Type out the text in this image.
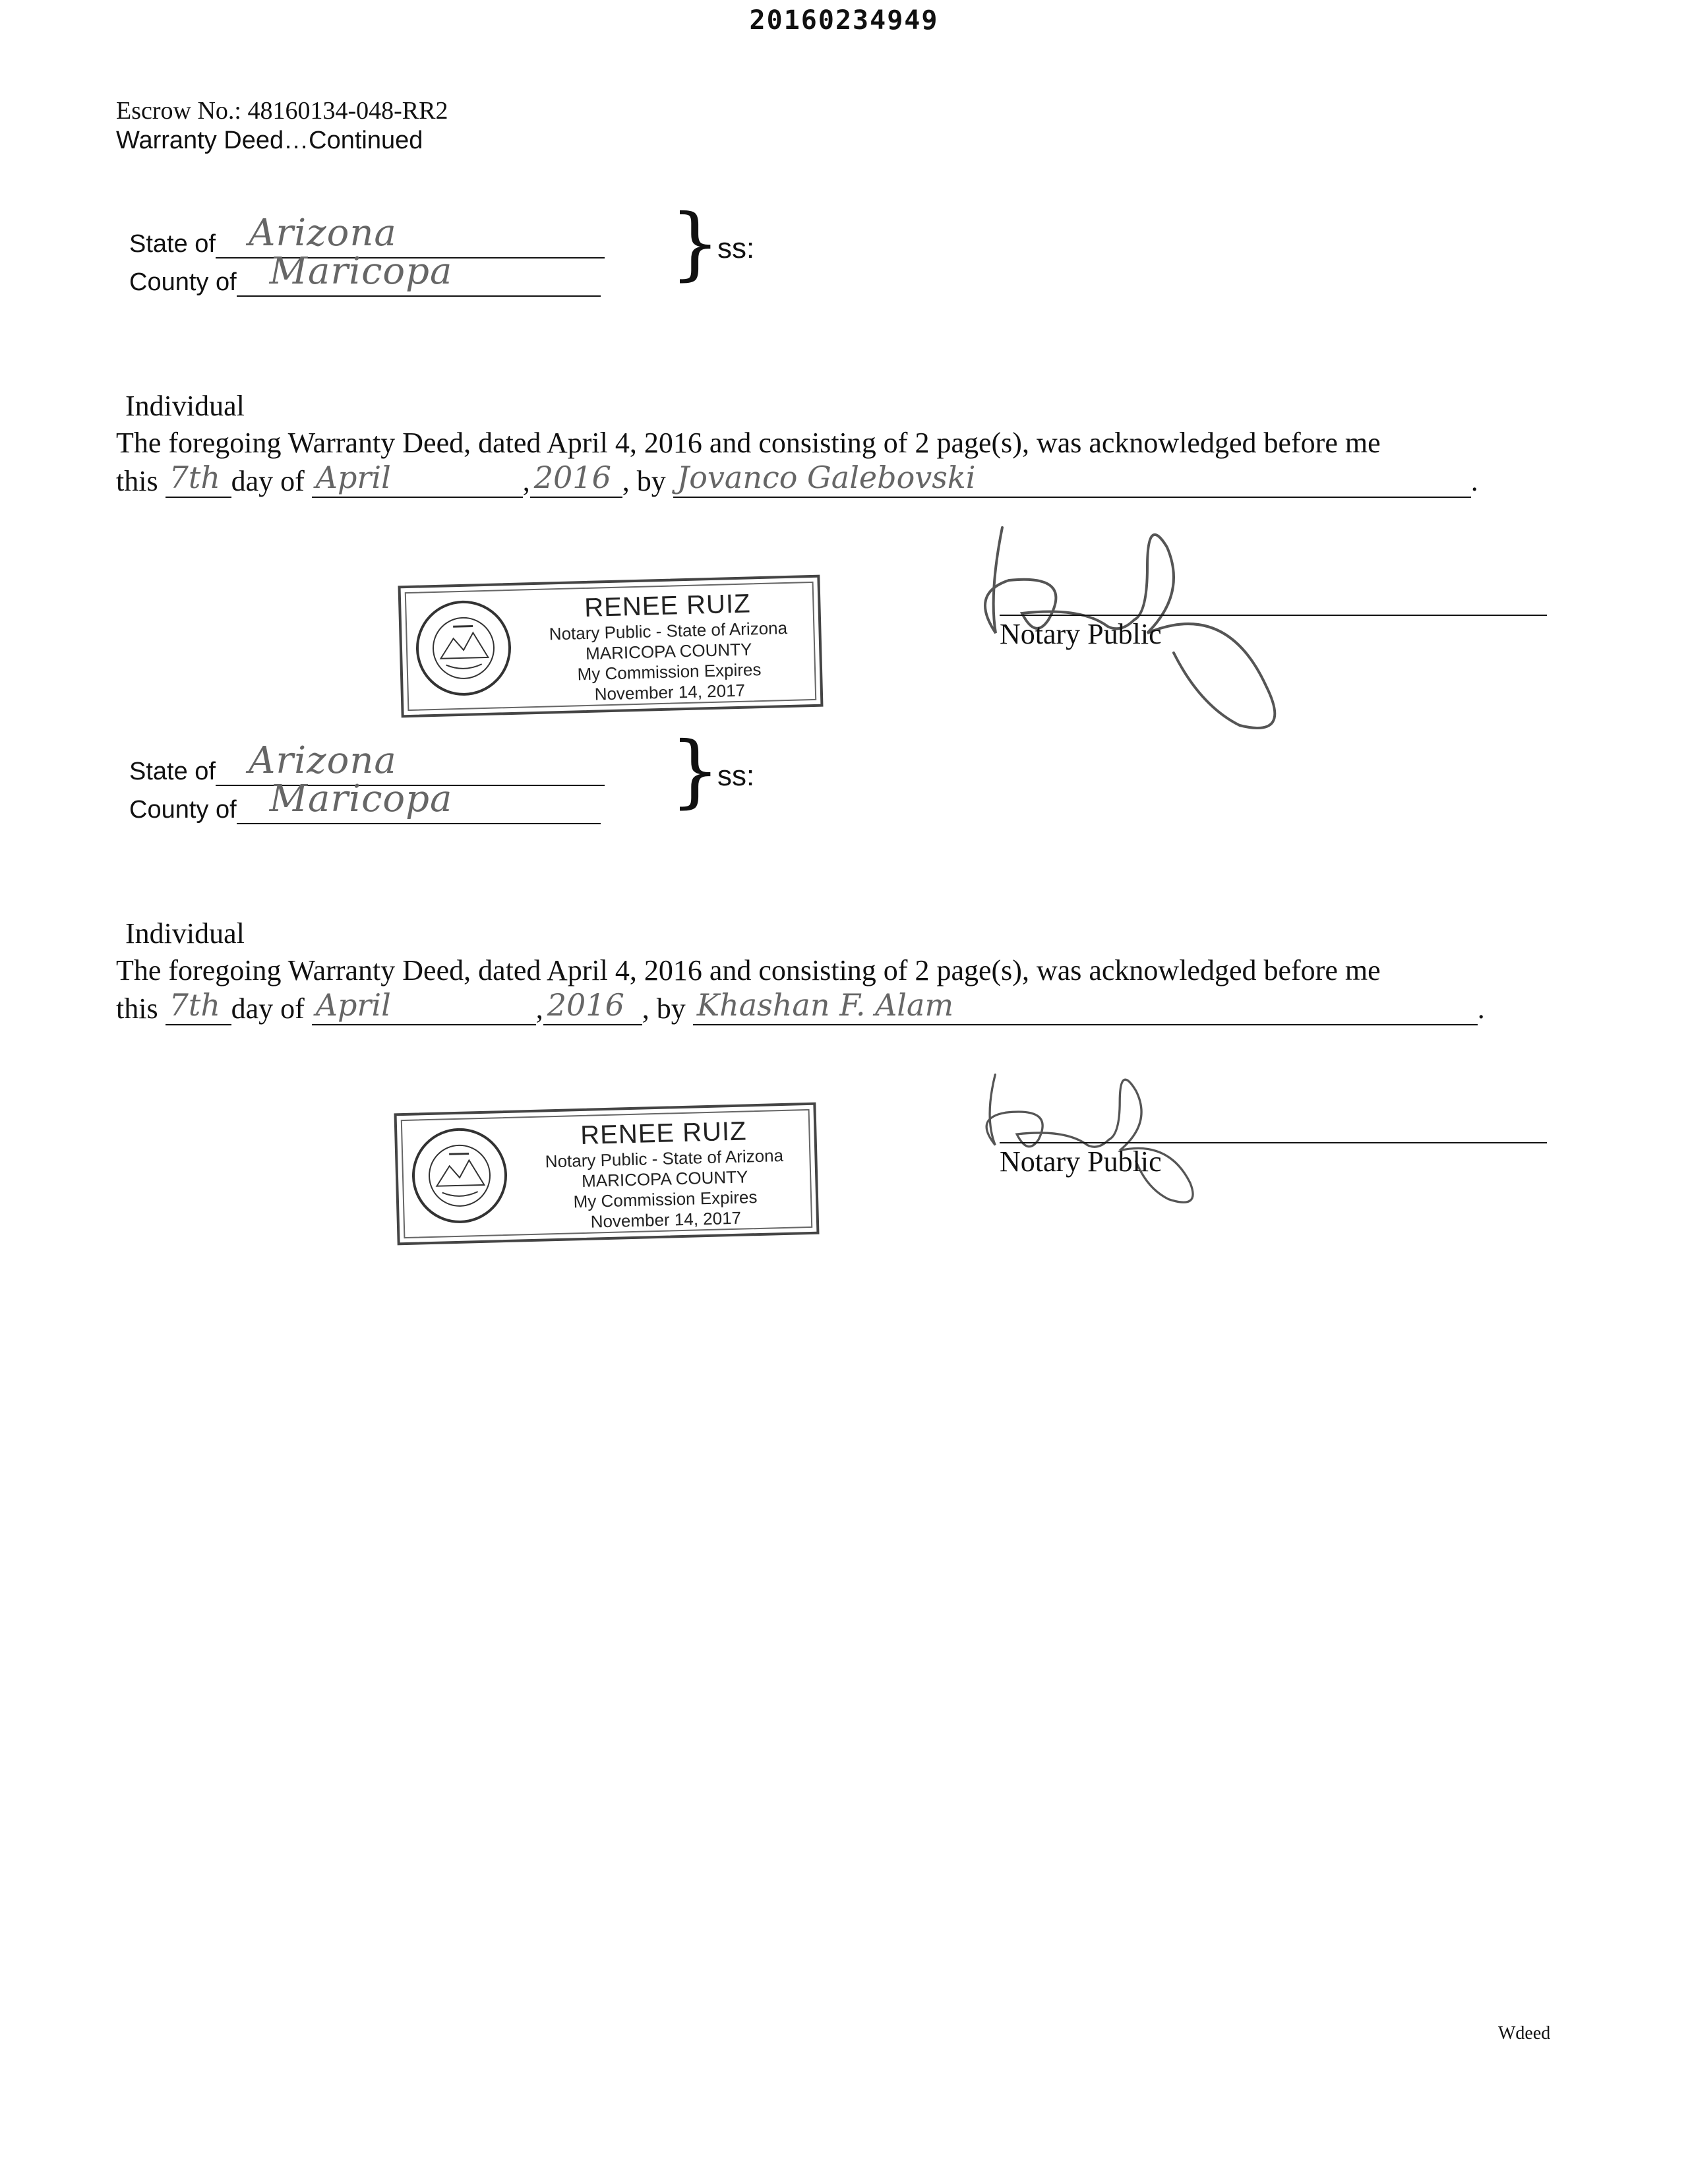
20160234949
Escrow No.: 48160134-048-RR2
Warranty Deed…Continued
State of Arizona
County of Maricopa	}
ss:
Individual
The foregoing Warranty Deed, dated April 4, 2016 and consisting of 2 page(s), was acknowledged before me
this 7th day of April	, 2016 , by Jovanco Galebovski	.
RENEE RUIZ
Notary Public - State of Arizona
MARICOPA COUNTY
My Commission Expires
November 14, 2017
Notary Public
State of Arizona
County of Maricopa	}
ss:
Individual
The foregoing Warranty Deed, dated April 4, 2016 and consisting of 2 page(s), was acknowledged before me
this 7th day of April	, 2016 , by Khashan F. Alam	.
RENEE RUIZ
Notary Public - State of Arizona
MARICOPA COUNTY
My Commission Expires
November 14, 2017
Notary Public
Wdeed
